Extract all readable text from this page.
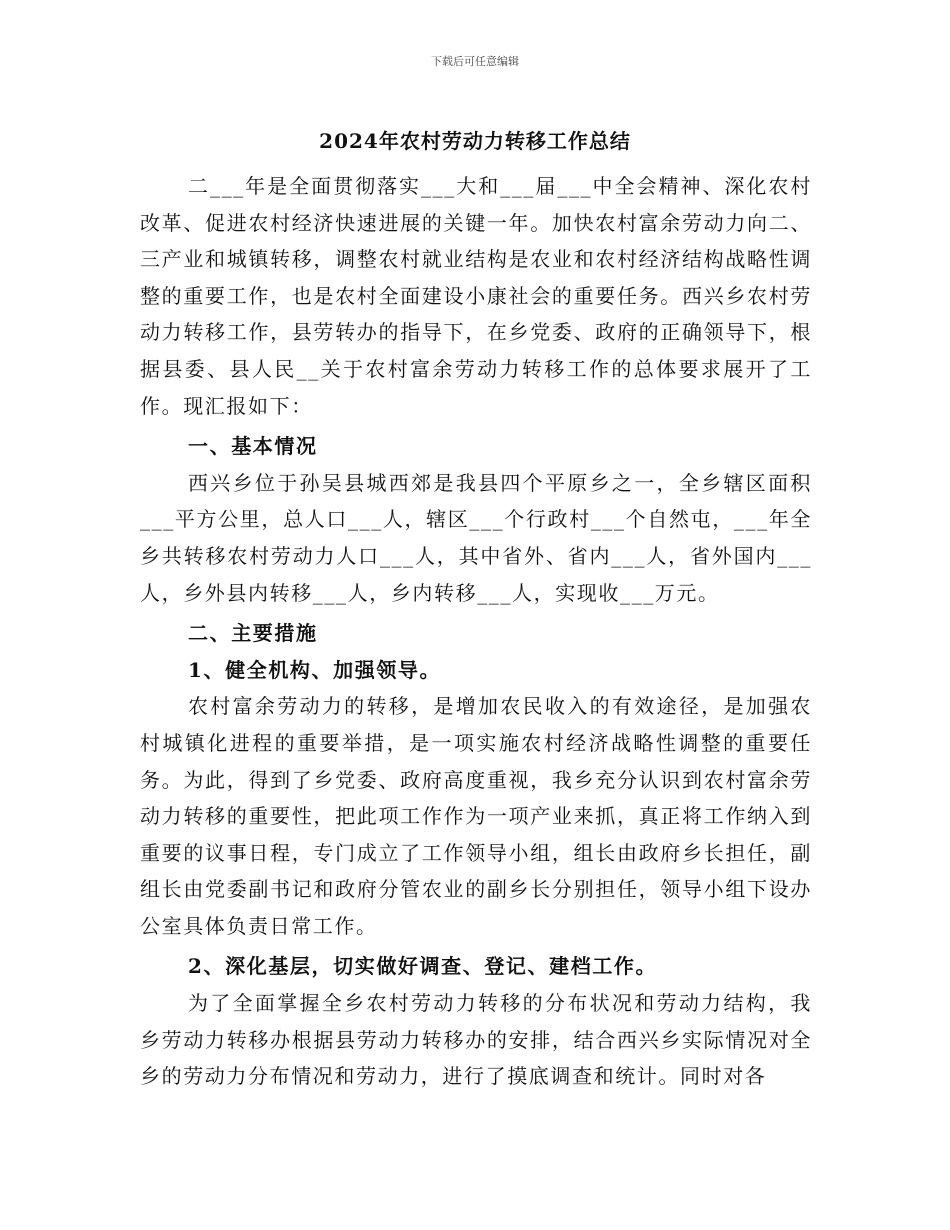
下载后可任意编辑
2024年农村劳动力转移工作总结

二___年是全面贯彻落实___大和___届___中全会精神、深化农村改革、促进农村经济快速进展的关键一年。加快农村富余劳动力向二、三产业和城镇转移，调整农村就业结构是农业和农村经济结构战略性调整的重要工作，也是农村全面建设小康社会的重要任务。西兴乡农村劳动力转移工作，县劳转办的指导下，在乡党委、政府的正确领导下，根据县委、县人民__关于农村富余劳动力转移工作的总体要求展开了工作。现汇报如下：

一、基本情况

西兴乡位于孙吴县城西郊是我县四个平原乡之一，全乡辖区面积___平方公里，总人口___人，辖区___个行政村___个自然屯，___年全乡共转移农村劳动力人口___人，其中省外、省内___人，省外国内___人，乡外县内转移___人，乡内转移___人，实现收___万元。

二、主要措施

1、健全机构、加强领导。

农村富余劳动力的转移，是增加农民收入的有效途径，是加强农村城镇化进程的重要举措，是一项实施农村经济战略性调整的重要任务。为此，得到了乡党委、政府高度重视，我乡充分认识到农村富余劳动力转移的重要性，把此项工作作为一项产业来抓，真正将工作纳入到重要的议事日程，专门成立了工作领导小组，组长由政府乡长担任，副组长由党委副书记和政府分管农业的副乡长分别担任，领导小组下设办公室具体负责日常工作。

2、深化基层，切实做好调查、登记、建档工作。

为了全面掌握全乡农村劳动力转移的分布状况和劳动力结构，我乡劳动力转移办根据县劳动力转移办的安排，结合西兴乡实际情况对全乡的劳动力分布情况和劳动力，进行了摸底调查和统计。同时对各
